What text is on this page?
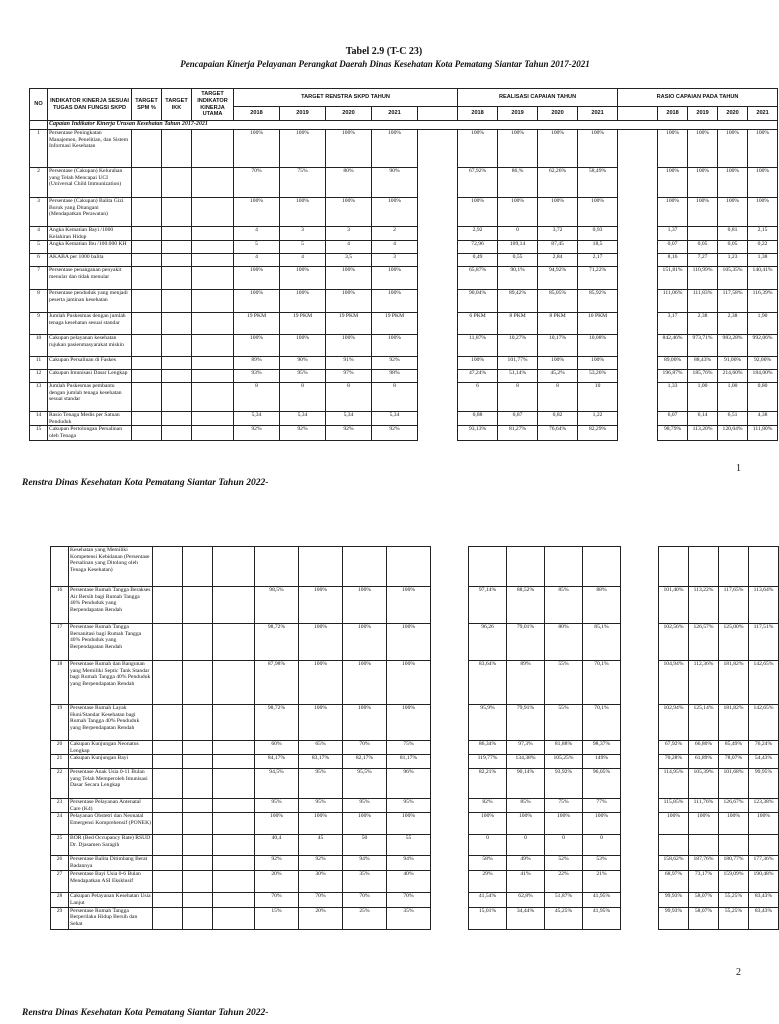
Tabel 2.9 (T-C 23)
Pencapaian Kinerja Pelayanan Perangkat Daerah Dinas Kesehatan Kota Pematang Siantar Tahun 2017-2021
NO	INDIKATOR KINERJA SESUAI TUGAS DAN FUNGSI SKPD	TARGET SPM %	TARGET IKK	TARGET INDIKATOR KINERJA UTAMA	TARGET RENSTRA SKPD TAHUN					REALISASI CAPAIAN TAHUN				RASIO CAPAIAN PADA TAHUN				
					2018	2019	2020	2021		2018	2019	2020	2021		2018	2019	2020	2021
	Capaian Indikator Kinerja Urusan Kesehatan Tahun 2017-2021																	
1	Persentase Peningkatan Manajemen, Penelitian, dan Sistem Informasi Kesehatan				100%	100%	100%	100%		100%	100%	100%	100%		100%	100%	100%	100%
2	Persentase (Cakupan) Kelurahan yang Telah Mencapai UCI (Universal Child Immunization)				70%	75%	80%	90%		67,92%	86,%	62,26%	58,49%		100%	100%	100%	100%
3	Persentase (Cakupan) Balita Gizi Buruk yang Ditangani (Mendapatkan Perawatan)				100%	100%	100%	100%		100%	100%	100%	100%		100%	100%	100%	100%
4	Angka Kematian Bayi /1000 Kelahiran Hidup				4	3	3	2		2,92	0	3,72	0,93		1,37		0,81	2,15
5	Angka Kematian Ibu /100.000 KH				5	5	4	4		72,96	109,14	87,45	18,5		0,07	0,05	0,05	0,22
6	AKABA per 1000 balita				4	4	3,5	3		0,49	0,55	2,84	2,17		8,16	7,27	1,23	1,38
7	Persentase penanganan penyakit menular dan tidak menular				100%	100%	100%	100%		65,87%	90,1%	94,92%	71,22%		151,81%	110,99%	105,35%	140,41%
8	Persentase penduduk yang menjadi peserta jaminan kesehatan				100%	100%	100%	100%		90,04%	89,42%	85,05%	85,92%		111,06%	111,83%	117,58%	116,39%
9	Jumlah Puskesmas dengan jumlah tenaga kesehatan sesuai standar				19 PKM	19 PKM	19 PKM	19 PKM		6 PKM	8 PKM	8 PKM	10 PKM		3,17	2,38	2,38	1,90
10	Cakupan pelayanan kesehatan rujukan pasienmasyarakat miskin				100%	100%	100%	100%		11,87%	10,27%	10,17%	10,08%		842,46%	973,71%	983,28%	992,06%
11	Cakupan Persalinan di Faskes				89%	90%	91%	92%		100%	101,77%	100%	100%		89,00%	88,43%	91,00%	92,00%
12	Cakupan Imunisasi Dasar Lengkap				93%	95%	97%	98%		47,24%	51,14%	45,2%	53,26%		196,87%	185,76%	214,60%	184,00%
13	Jumlah Puskesmas pembantu dengan jumlah tenaga kesehatan sesuai standar				8	8	8	8		6	8	8	10		1,33	1,00	1,00	0,80
14	Rasio Tenaga Medis per Satuan Penduduk				5,34	5,34	5,34	5,34		0,88	0,87	0,82	1,22		6,07	6,14	6,51	4,38
15	Cakupan Pertolongan Persalinan oleh Tenaga				92%	92%	92%	92%		93,13%	81,27%	76,64%	82,29%		98,79%	113,20%	120,04%	111,80%
1
Renstra Dinas Kesehatan Kota Pematang Siantar Tahun 2022-
	Kesehatan yang Memiliki Kompetensi Kebidanan (Persentase Persalinan yang Ditolong oleh Tenaga Kesehatan)																	
16	Persentase Rumah Tangga Berakses Air Bersih bagi Rumah Tangga 40% Penduduk yang Berpendapatan Rendah				98,5%	100%	100%	100%		97,14%	88,52%	85%	88%		101,40%	113,22%	117,65%	113,64%
17	Persentase Rumah Tangga Bersanitasi bagi Rumah Tangga 40% Penduduk yang Berpendapatan Rendah				98,72%	100%	100%	100%		96,26	79,01%	80%	85,1%		102,56%	126,57%	125,00%	117,51%
18	Persentase Rumah dan Bangunan yang Memiliki Septic Tank Standar bagi Rumah Tangga 40% Penduduk yang Berpendapatan Rendah				87,98%	100%	100%	100%		83,64%	89%	55%	70,1%		104,94%	112,36%	181,82%	142,65%
19	Persentase Rumah Layak Huni/Standar Kesehatan bagi Rumah Tangga 40% Penduduk yang Berpendapatan Rendah				98,72%	100%	100%	100%		95,9%	79,91%	55%	70,1%		102,94%	125,14%	181,82%	142,65%
20	Cakupan Kunjungan Neonatus Lengkap				60%	65%	70%	75%		86,34%	97,3%	81,88%	98,37%		67,92%	66,80%	85,49%	76,24%
21	Cakupan Kunjungan Bayi				84,17%	83,17%	82,17%	81,17%		119,77%	134,38%	105,25%	149%		70,28%	61,89%	78,07%	54,43%
22	Persentase Anak Usia 0-11 Bulan yang Telah Memperoleh Imunisasi Dasar Secara Lengkap				94,5%	95%	95,5%	96%		82,21%	90,14%	93,92%	96,05%		114,95%	105,39%	101,68%	99,95%
23	Persentase Pelayanan Antenatal Care (K4)				95%	95%	95%	95%		82%	85%	75%	77%		115,85%	111,76%	126,67%	123,38%
24	Pelayanan Obstetri dan Neonatal Emergensi Komprehensif (PONEK)				100%	100%	100%	100%		100%	100%	100%	100%		100%	100%	100%	100%
25	BOR (Bed Occupancy Rate) RSUD Dr. Djasamen Saragih				40,4	45	50	55		0	0	0	0					
26	Persentase Balita Ditimbang Berat Badannya				92%	92%	94%	94%		58%	49%	52%	53%		158,62%	187,76%	180,77%	177,36%
27	Persentase Bayi Usia 0-6 Bulan Mendapatkan ASI Eksklusif				20%	30%	35%	40%		29%	41%	22%	21%		68,97%	73,17%	159,09%	190,48%
28	Cakupan Pelayanan Kesehatan Usia Lanjut				70%	70%	70%	70%		41,54%	62,8%	51,87%	41,95%		99,93%	58,07%	55,25%	83,43%
29	Persentase Rumah Tangga Berperilaku Hidup Bersih dan Sehat				15%	20%	25%	35%		15,01%	34,44%	45,25%	41,95%		99,93%	58,07%	55,25%	83,43%
2
Renstra Dinas Kesehatan Kota Pematang Siantar Tahun 2022-
